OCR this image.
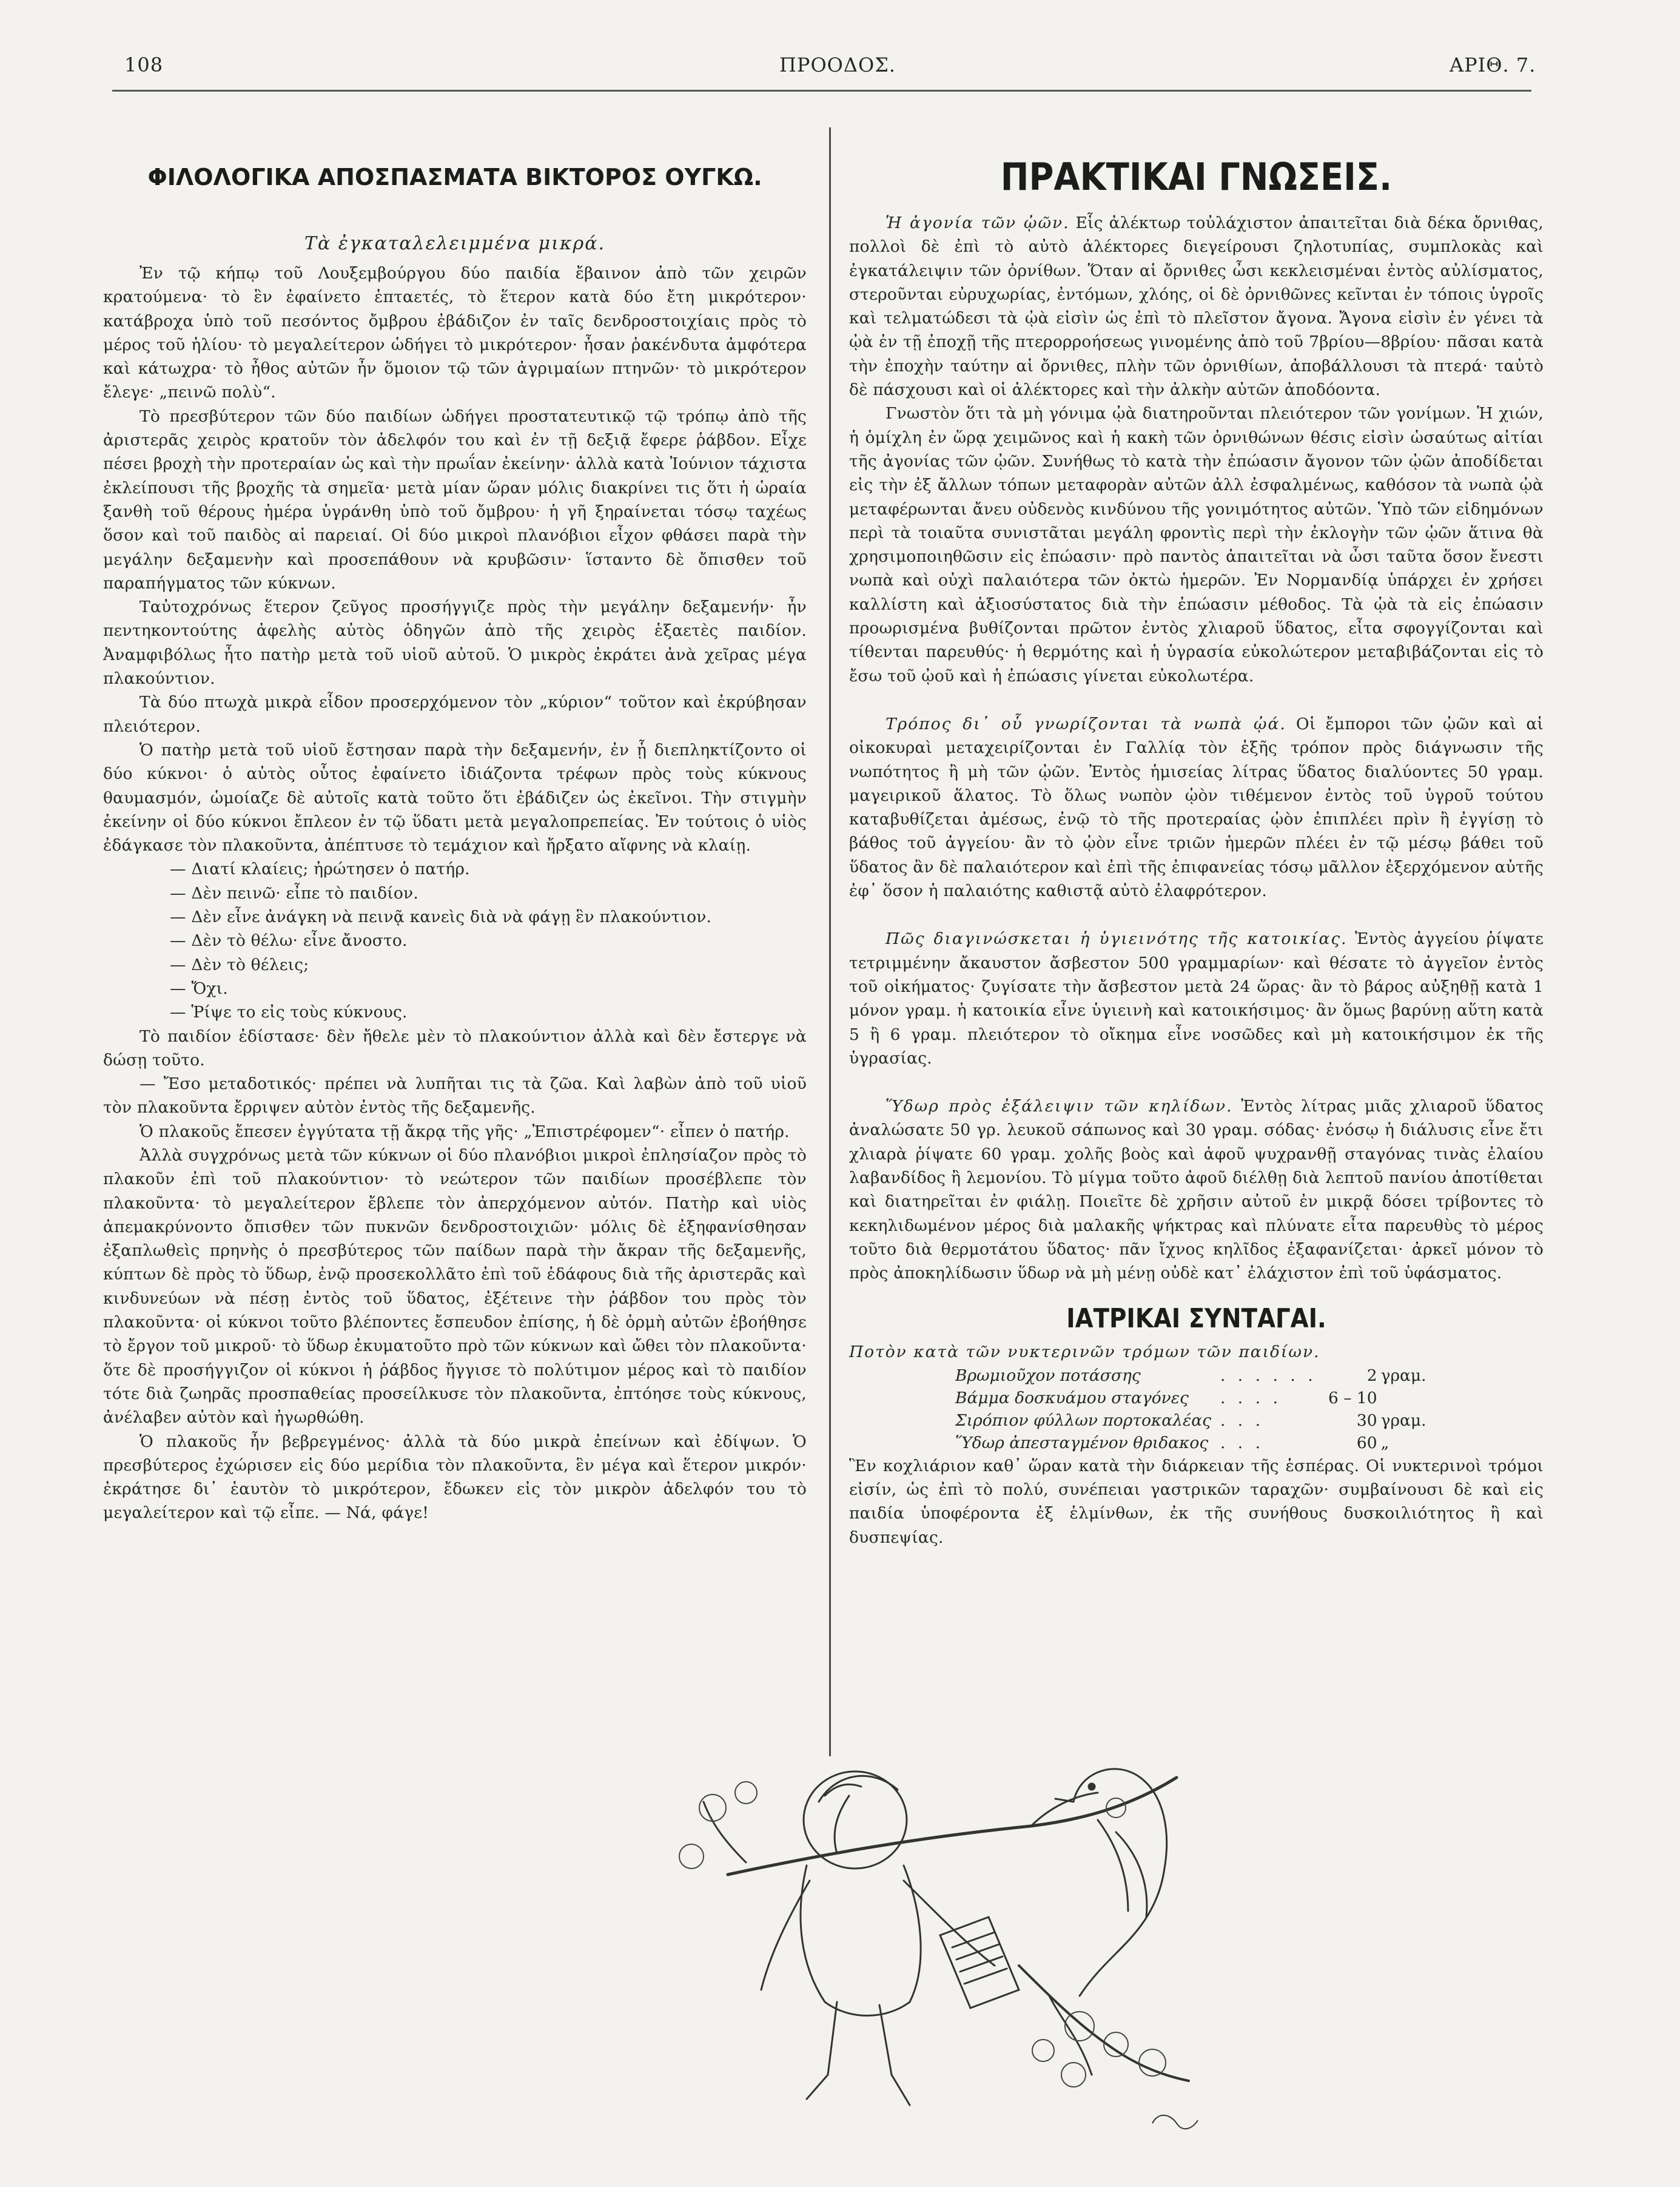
108	ΠΡΟΟΔΟΣ.	ΑΡΙΘ. 7.
ΦΙΛΟΛΟΓΙΚΑ ΑΠΟΣΠΑΣΜΑΤΑ ΒΙΚΤΟΡΟΣ ΟΥΓΚΩ.
Τὰ ἐγκαταλελειμμένα μικρά.

Ἐν τῷ κήπῳ τοῦ Λουξεμβούργου δύο παιδία ἔβαινον ἀπὸ τῶν χειρῶν κρατούμενα· τὸ ἓν ἐφαίνετο ἑπταετές, τὸ ἕτερον κατὰ δύο ἔτη μικρότερον· κατάβροχα ὑπὸ τοῦ πεσόντος ὄμβρου ἐβάδιζον ἐν ταῖς δενδροστοιχίαις πρὸς τὸ μέρος τοῦ ἡλίου· τὸ μεγαλείτερον ὡδήγει τὸ μικρότερον· ἦσαν ῥακένδυτα ἀμφότερα καὶ κάτωχρα· τὸ ἦθος αὐτῶν ἦν ὅμοιον τῷ τῶν ἀγριμαίων πτηνῶν· τὸ μικρότερον ἔλεγε· „πεινῶ πολὺ“.

Τὸ πρεσβύτερον τῶν δύο παιδίων ὡδήγει προστατευτικῷ τῷ τρόπῳ ἀπὸ τῆς ἀριστερᾶς χειρὸς κρατοῦν τὸν ἀδελφόν του καὶ ἐν τῇ δεξιᾷ ἔφερε ῥάβδον. Εἶχε πέσει βροχὴ τὴν προτεραίαν ὡς καὶ τὴν πρωΐαν ἐκείνην· ἀλλὰ κατὰ Ἰούνιον τάχιστα ἐκλείπουσι τῆς βροχῆς τὰ σημεῖα· μετὰ μίαν ὥραν μόλις διακρίνει τις ὅτι ἡ ὡραία ξανθὴ τοῦ θέρους ἡμέρα ὑγράνθη ὑπὸ τοῦ ὄμβρου· ἡ γῆ ξηραίνεται τόσῳ ταχέως ὅσον καὶ τοῦ παιδὸς αἱ παρειαί. Οἱ δύο μικροὶ πλανόβιοι εἶχον φθάσει παρὰ τὴν μεγάλην δεξαμενὴν καὶ προσεπάθουν νὰ κρυβῶσιν· ἵσταντο δὲ ὄπισθεν τοῦ παραπήγματος τῶν κύκνων.

Ταὐτοχρόνως ἕτερον ζεῦγος προσήγγιζε πρὸς τὴν μεγάλην δεξαμενήν· ἦν πεντηκοντούτης ἀφελὴς αὐτὸς ὁδηγῶν ἀπὸ τῆς χειρὸς ἑξαετὲς παιδίον. Ἀναμφιβόλως ἦτο πατὴρ μετὰ τοῦ υἱοῦ αὐτοῦ. Ὁ μικρὸς ἐκράτει ἀνὰ χεῖρας μέγα πλακούντιον.

Τὰ δύο πτωχὰ μικρὰ εἶδον προσερχόμενον τὸν „κύριον“ τοῦτον καὶ ἐκρύβησαν πλειότερον.

Ὁ πατὴρ μετὰ τοῦ υἱοῦ ἔστησαν παρὰ τὴν δεξαμενήν, ἐν ᾗ διεπληκτίζοντο οἱ δύο κύκνοι· ὁ αὐτὸς οὗτος ἐφαίνετο ἰδιάζοντα τρέφων πρὸς τοὺς κύκνους θαυμασμόν, ὡμοίαζε δὲ αὐτοῖς κατὰ τοῦτο ὅτι ἐβάδιζεν ὡς ἐκεῖνοι. Τὴν στιγμὴν ἐκείνην οἱ δύο κύκνοι ἔπλεον ἐν τῷ ὕδατι μετὰ μεγαλοπρεπείας. Ἐν τούτοις ὁ υἱὸς ἐδάγκασε τὸν πλακοῦντα, ἀπέπτυσε τὸ τεμάχιον καὶ ἤρξατο αἴφνης νὰ κλαίῃ.

— Διατί κλαίεις; ἠρώτησεν ὁ πατήρ.

— Δὲν πεινῶ· εἶπε τὸ παιδίον.

— Δὲν εἶνε ἀνάγκη νὰ πεινᾷ κανεὶς διὰ νὰ φάγῃ ἓν πλακούντιον.

— Δὲν τὸ θέλω· εἶνε ἄνοστο.

— Δὲν τὸ θέλεις;

— Ὄχι.

— Ῥίψε το εἰς τοὺς κύκνους.

Τὸ παιδίον ἐδίστασε· δὲν ἤθελε μὲν τὸ πλακούντιον ἀλλὰ καὶ δὲν ἔστεργε νὰ δώσῃ τοῦτο.

— Ἔσο μεταδοτικός· πρέπει νὰ λυπῆται τις τὰ ζῶα. Καὶ λαβὼν ἀπὸ τοῦ υἱοῦ τὸν πλακοῦντα ἔρριψεν αὐτὸν ἐντὸς τῆς δεξαμενῆς.

Ὁ πλακοῦς ἔπεσεν ἐγγύτατα τῇ ἄκρᾳ τῆς γῆς· „Ἐπιστρέφομεν“· εἶπεν ὁ πατήρ.

Ἀλλὰ συγχρόνως μετὰ τῶν κύκνων οἱ δύο πλανόβιοι μικροὶ ἐπλησίαζον πρὸς τὸ πλακοῦν ἐπὶ τοῦ πλακούντιον· τὸ νεώτερον τῶν παιδίων προσέβλεπε τὸν πλακοῦντα· τὸ μεγαλείτερον ἔβλεπε τὸν ἀπερχόμενον αὐτόν. Πατὴρ καὶ υἱὸς ἀπεμακρύνοντο ὄπισθεν τῶν πυκνῶν δενδροστοιχιῶν· μόλις δὲ ἐξηφανίσθησαν ἐξαπλωθεὶς πρηνὴς ὁ πρεσβύτερος τῶν παίδων παρὰ τὴν ἄκραν τῆς δεξαμενῆς, κύπτων δὲ πρὸς τὸ ὕδωρ, ἐνῷ προσεκολλᾶτο ἐπὶ τοῦ ἐδάφους διὰ τῆς ἀριστερᾶς καὶ κινδυνεύων νὰ πέσῃ ἐντὸς τοῦ ὕδατος, ἐξέτεινε τὴν ῥάβδον του πρὸς τὸν πλακοῦντα· οἱ κύκνοι τοῦτο βλέποντες ἔσπευδον ἐπίσης, ἡ δὲ ὁρμὴ αὐτῶν ἐβοήθησε τὸ ἔργον τοῦ μικροῦ· τὸ ὕδωρ ἐκυματοῦτο πρὸ τῶν κύκνων καὶ ὤθει τὸν πλακοῦντα· ὅτε δὲ προσήγγιζον οἱ κύκνοι ἡ ῥάβδος ἤγγισε τὸ πολύτιμον μέρος καὶ τὸ παιδίον τότε διὰ ζωηρᾶς προσπαθείας προσείλκυσε τὸν πλακοῦντα, ἐπτόησε τοὺς κύκνους, ἀνέλαβεν αὐτὸν καὶ ἠγωρθώθη.

Ὁ πλακοῦς ἦν βεβρεγμένος· ἀλλὰ τὰ δύο μικρὰ ἐπείνων καὶ ἐδίψων. Ὁ πρεσβύτερος ἐχώρισεν εἰς δύο μερίδια τὸν πλακοῦντα, ἓν μέγα καὶ ἕτερον μικρόν· ἐκράτησε δι᾽ ἑαυτὸν τὸ μικρότερον, ἔδωκεν εἰς τὸν μικρὸν ἀδελφόν του τὸ μεγαλείτερον καὶ τῷ εἶπε. — Νά, φάγε!

ΠΡΑΚΤΙΚΑΙ ΓΝΩΣΕΙΣ.

Ἡ ἀγονία τῶν ᾠῶν. Εἷς ἀλέκτωρ τοὐλάχιστον ἀπαιτεῖται διὰ δέκα ὄρνιθας, πολλοὶ δὲ ἐπὶ τὸ αὐτὸ ἀλέκτορες διεγείρουσι ζηλοτυπίας, συμπλοκὰς καὶ ἐγκατάλειψιν τῶν ὀρνίθων. Ὅταν αἱ ὄρνιθες ὦσι κεκλεισμέναι ἐντὸς αὐλίσματος, στεροῦνται εὐρυχωρίας, ἐντόμων, χλόης, οἱ δὲ ὀρνιθῶνες κεῖνται ἐν τόποις ὑγροῖς καὶ τελματώδεσι τὰ ᾠὰ εἰσὶν ὡς ἐπὶ τὸ πλεῖστον ἄγονα. Ἄγονα εἰσὶν ἐν γένει τὰ ᾠὰ ἐν τῇ ἐποχῇ τῆς πτερορροήσεως γινομένης ἀπὸ τοῦ 7βρίου—8βρίου· πᾶσαι κατὰ τὴν ἐποχὴν ταύτην αἱ ὄρνιθες, πλὴν τῶν ὀρνιθίων, ἀποβάλλουσι τὰ πτερά· ταὐτὸ δὲ πάσχουσι καὶ οἱ ἀλέκτορες καὶ τὴν ἀλκὴν αὐτῶν ἀποδόοντα.

Γνωστὸν ὅτι τὰ μὴ γόνιμα ᾠὰ διατηροῦνται πλειότερον τῶν γονίμων. Ἡ χιών, ἡ ὁμίχλη ἐν ὥρᾳ χειμῶνος καὶ ἡ κακὴ τῶν ὀρνιθώνων θέσις εἰσὶν ὡσαύτως αἰτίαι τῆς ἀγονίας τῶν ᾠῶν. Συνήθως τὸ κατὰ τὴν ἐπώασιν ἄγονον τῶν ᾠῶν ἀποδίδεται εἰς τὴν ἐξ ἄλλων τόπων μεταφορὰν αὐτῶν ἀλλ ἐσφαλμένως, καθόσον τὰ νωπὰ ᾠὰ μεταφέρωνται ἄνευ οὐδενὸς κινδύνου τῆς γονιμότητος αὐτῶν. Ὑπὸ τῶν εἰδημόνων περὶ τὰ τοιαῦτα συνιστᾶται μεγάλη φροντὶς περὶ τὴν ἐκλογὴν τῶν ᾠῶν ἅτινα θὰ χρησιμοποιηθῶσιν εἰς ἐπώασιν· πρὸ παντὸς ἀπαιτεῖται νὰ ὦσι ταῦτα ὅσον ἔνεστι νωπὰ καὶ οὐχὶ παλαιότερα τῶν ὀκτὼ ἡμερῶν. Ἐν Νορμανδίᾳ ὑπάρχει ἐν χρήσει καλλίστη καὶ ἀξιοσύστατος διὰ τὴν ἐπώασιν μέθοδος. Τὰ ᾠὰ τὰ εἰς ἐπώασιν προωρισμένα βυθίζονται πρῶτον ἐντὸς χλιαροῦ ὕδατος, εἶτα σφογγίζονται καὶ τίθενται παρευθύς· ἡ θερμότης καὶ ἡ ὑγρασία εὐκολώτερον μεταβιβάζονται εἰς τὸ ἔσω τοῦ ᾠοῦ καὶ ἡ ἐπώασις γίνεται εὐκολωτέρα.

Τρόπος δι᾽ οὗ γνωρίζονται τὰ νωπὰ ᾠά. Οἱ ἔμποροι τῶν ᾠῶν καὶ αἱ οἰκοκυραὶ μεταχειρίζονται ἐν Γαλλίᾳ τὸν ἑξῆς τρόπον πρὸς διάγνωσιν τῆς νωπότητος ἢ μὴ τῶν ᾠῶν. Ἐντὸς ἡμισείας λίτρας ὕδατος διαλύοντες 50 γραμ. μαγειρικοῦ ἅλατος. Τὸ ὅλως νωπὸν ᾠὸν τιθέμενον ἐντὸς τοῦ ὑγροῦ τούτου καταβυθίζεται ἀμέσως, ἐνῷ τὸ τῆς προτεραίας ᾠὸν ἐπιπλέει πρὶν ἢ ἐγγίσῃ τὸ βάθος τοῦ ἀγγείου· ἂν τὸ ᾠὸν εἶνε τριῶν ἡμερῶν πλέει ἐν τῷ μέσῳ βάθει τοῦ ὕδατος ἂν δὲ παλαιότερον καὶ ἐπὶ τῆς ἐπιφανείας τόσῳ μᾶλλον ἐξερχόμενον αὐτῆς ἐφ᾽ ὅσον ἡ παλαιότης καθιστᾷ αὐτὸ ἐλαφρότερον.

Πῶς διαγινώσκεται ἡ ὑγιεινότης τῆς κατοικίας. Ἐντὸς ἀγγείου ῥίψατε τετριμμένην ἄκαυστον ἄσβεστον 500 γραμμαρίων· καὶ θέσατε τὸ ἀγγεῖον ἐντὸς τοῦ οἰκήματος· ζυγίσατε τὴν ἄσβεστον μετὰ 24 ὥρας· ἂν τὸ βάρος αὐξηθῇ κατὰ 1 μόνον γραμ. ἡ κατοικία εἶνε ὑγιεινὴ καὶ κατοικήσιμος· ἂν ὅμως βαρύνῃ αὕτη κατὰ 5 ἢ 6 γραμ. πλειότερον τὸ οἴκημα εἶνε νοσῶδες καὶ μὴ κατοικήσιμον ἐκ τῆς ὑγρασίας.

Ὕδωρ πρὸς ἐξάλειψιν τῶν κηλίδων. Ἐντὸς λίτρας μιᾶς χλιαροῦ ὕδατος ἀναλώσατε 50 γρ. λευκοῦ σάπωνος καὶ 30 γραμ. σόδας· ἐνόσῳ ἡ διάλυσις εἶνε ἔτι χλιαρὰ ῥίψατε 60 γραμ. χολῆς βοὸς καὶ ἀφοῦ ψυχρανθῇ σταγόνας τινὰς ἐλαίου λαβανδίδος ἢ λεμονίου. Τὸ μίγμα τοῦτο ἀφοῦ διέλθῃ διὰ λεπτοῦ πανίου ἀποτίθεται καὶ διατηρεῖται ἐν φιάλῃ. Ποιεῖτε δὲ χρῆσιν αὐτοῦ ἐν μικρᾷ δόσει τρίβοντες τὸ κεκηλιδωμένον μέρος διὰ μαλακῆς ψήκτρας καὶ πλύνατε εἶτα παρευθὺς τὸ μέρος τοῦτο διὰ θερμοτάτου ὕδατος· πᾶν ἴχνος κηλῖδος ἐξαφανίζεται· ἀρκεῖ μόνον τὸ πρὸς ἀποκηλίδωσιν ὕδωρ νὰ μὴ μένῃ οὐδὲ κατ᾽ ἐλάχιστον ἐπὶ τοῦ ὑφάσματος.

ΙΑΤΡΙΚΑΙ ΣΥΝΤΑΓΑΙ.

Ποτὸν κατὰ τῶν νυκτερινῶν τρόμων τῶν παιδίων.

Βρωμιοῦχον ποτάσσης	. . . . . .	2	γραμ.
Βάμμα δοσκυάμου σταγόνες	. . . .	6 – 10	
Σιρόπιον φύλλων πορτοκαλέας	. . .	30	γραμ.
Ὕδωρ ἀπεσταγμένον θριδακος	. . .	60	„

Ἓν κοχλιάριον καθ᾽ ὥραν κατὰ τὴν διάρκειαν τῆς ἑσπέρας. Οἱ νυκτερινοὶ τρόμοι εἰσίν, ὡς ἐπὶ τὸ πολύ, συνέπειαι γαστρικῶν ταραχῶν· συμβαίνουσι δὲ καὶ εἰς παιδία ὑποφέροντα ἐξ ἑλμίνθων, ἐκ τῆς συνήθους δυσκοιλιότητος ἢ καὶ δυσπεψίας.
